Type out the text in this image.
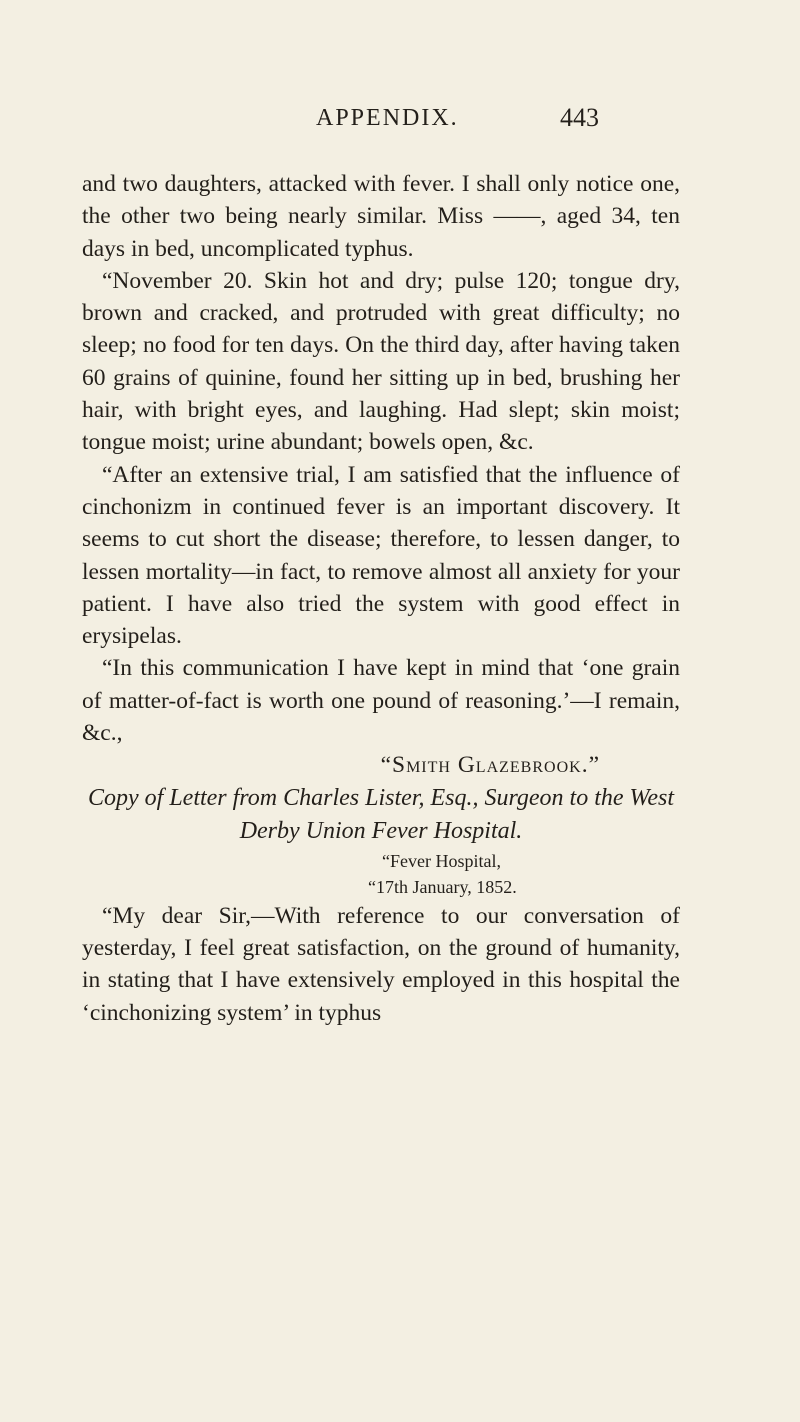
APPENDIX.	443

and two daughters, attacked with fever. I shall only notice one, the other two being nearly similar. Miss ——, aged 34, ten days in bed, uncomplicated typhus.

“November 20. Skin hot and dry; pulse 120; tongue dry, brown and cracked, and protruded with great difficulty; no sleep; no food for ten days. On the third day, after having taken 60 grains of quinine, found her sitting up in bed, brushing her hair, with bright eyes, and laughing. Had slept; skin moist; tongue moist; urine abundant; bowels open, &c.

“After an extensive trial, I am satisfied that the influence of cinchonizm in continued fever is an important discovery. It seems to cut short the disease; therefore, to lessen danger, to lessen mortality—in fact, to remove almost all anxiety for your patient. I have also tried the system with good effect in erysipelas.

“In this communication I have kept in mind that ‘one grain of matter-of-fact is worth one pound of reasoning.’—I remain, &c.,

“Smith Glazebrook.”

Copy of Letter from Charles Lister, Esq., Surgeon to the West Derby Union Fever Hospital.

“Fever Hospital,

“17th January, 1852.

“My dear Sir,—With reference to our conversation of yesterday, I feel great satisfaction, on the ground of humanity, in stating that I have extensively employed in this hospital the ‘cinchonizing system’ in typhus
